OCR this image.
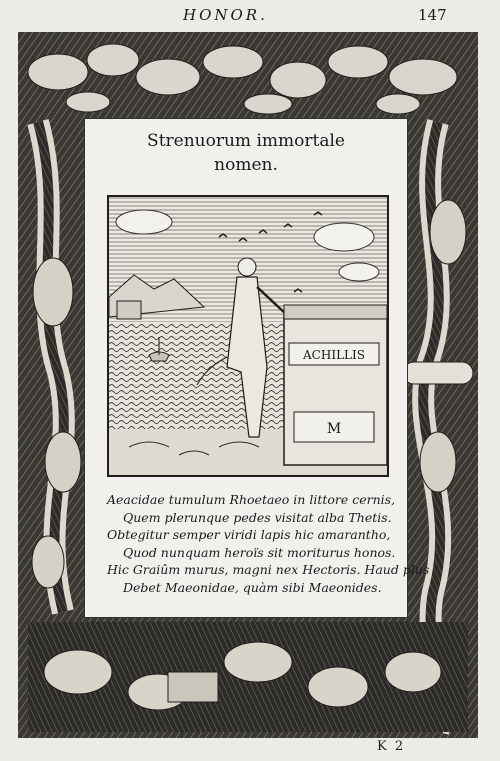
HONOR.	147
Strenuorum immortale
nomen.
ACHILLIS
M
Aeacidae tumulum Rhoetaeo in littore cernis,
Quem plerunque pedes visitat alba Thetis.
Obtegitur semper viridi lapis hic amarantho,
Quod nunquam heroïs sit moriturus honos.
Hic Graiûm murus, magni nex Hectoris. Haud plus
Debet Maeonidae, quàm sibi Maeonides.
K 2
